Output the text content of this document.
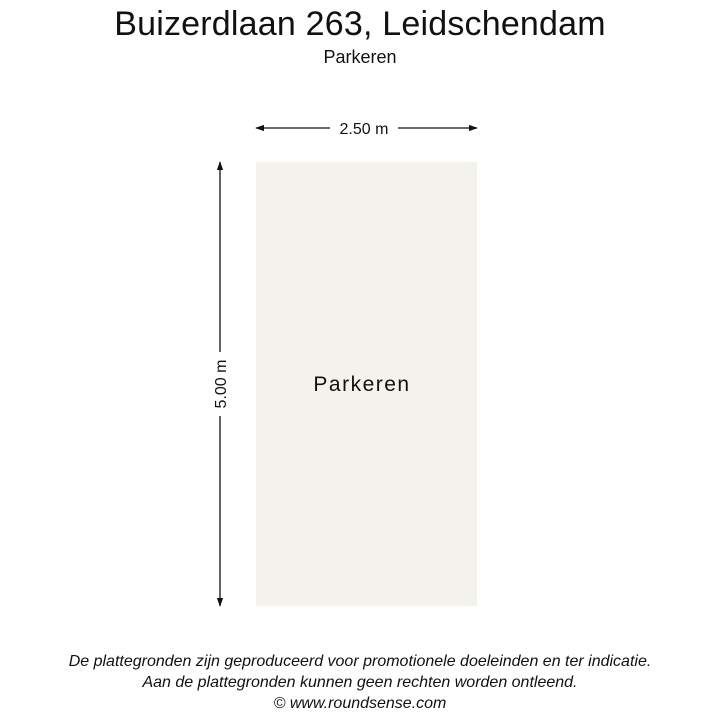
Buizerdlaan 263, Leidschendam
Parkeren
Parkeren
2.50 m
5.00 m
De plattegronden zijn geproduceerd voor promotionele doeleinden en ter indicatie.
Aan de plattegronden kunnen geen rechten worden ontleend.
© www.roundsense.com
